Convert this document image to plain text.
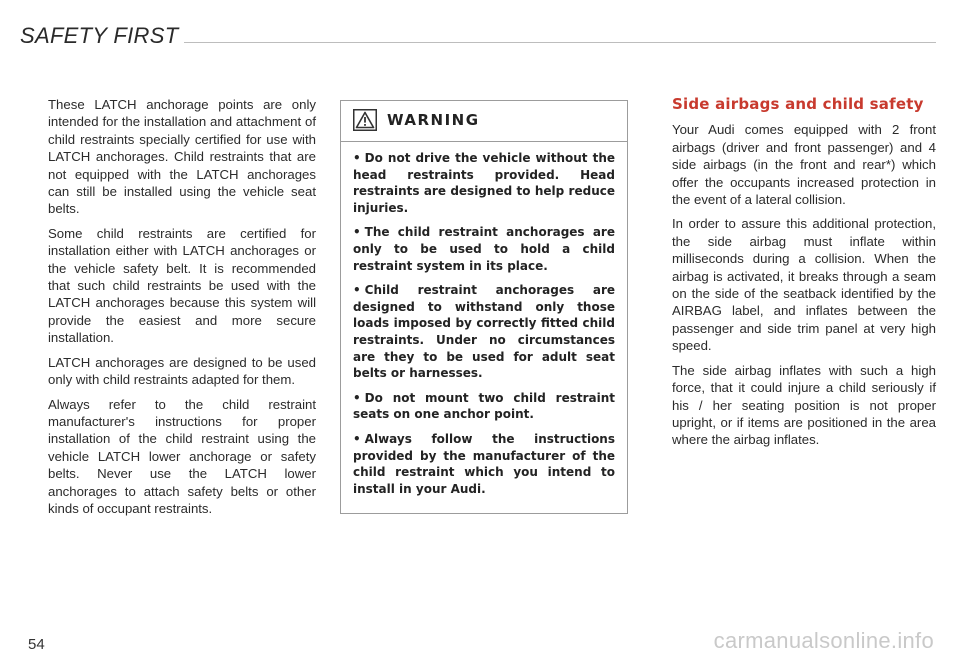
SAFETY FIRST

These LATCH anchorage points are only intended for the installation and attachment of child restraints specially certified for use with LATCH anchorages. Child restraints that are not equipped with the LATCH anchorages can still be installed using the vehicle seat belts.

Some child restraints are certified for installation either with LATCH anchorages or the vehicle safety belt. It is recommended that such child restraints be used with the LATCH anchorages because this system will provide the easiest and more secure installation.

LATCH anchorages are designed to be used only with child restraints adapted for them.

Always refer to the child restraint manufacturer's instructions for proper installation of the child restraint using the vehicle LATCH lower anchorage or safety belts. Never use the LATCH lower anchorages to attach safety belts or other kinds of occupant restraints.

WARNING

• Do not drive the vehicle without the head restraints provided. Head restraints are designed to help reduce injuries.

• The child restraint anchorages are only to be used to hold a child restraint system in its place.

• Child restraint anchorages are designed to withstand only those loads imposed by correctly fitted child restraints. Under no circumstances are they to be used for adult seat belts or harnesses.

• Do not mount two child restraint seats on one anchor point.

• Always follow the instructions provided by the manufacturer of the child restraint which you intend to install in your Audi.

Side airbags and child safety

Your Audi comes equipped with 2 front airbags (driver and front passenger) and 4 side airbags (in the front and rear*) which offer the occupants increased protection in the event of a lateral collision.

In order to assure this additional protection, the side airbag must inflate within milliseconds during a collision. When the airbag is activated, it breaks through a seam on the side of the seatback identified by the AIRBAG label, and inflates between the passenger and side trim panel at very high speed.

The side airbag inflates with such a high force, that it could injure a child seriously if his / her seating position is not proper upright, or if items are positioned in the area where the airbag inflates.

54	carmanualsonline.info
